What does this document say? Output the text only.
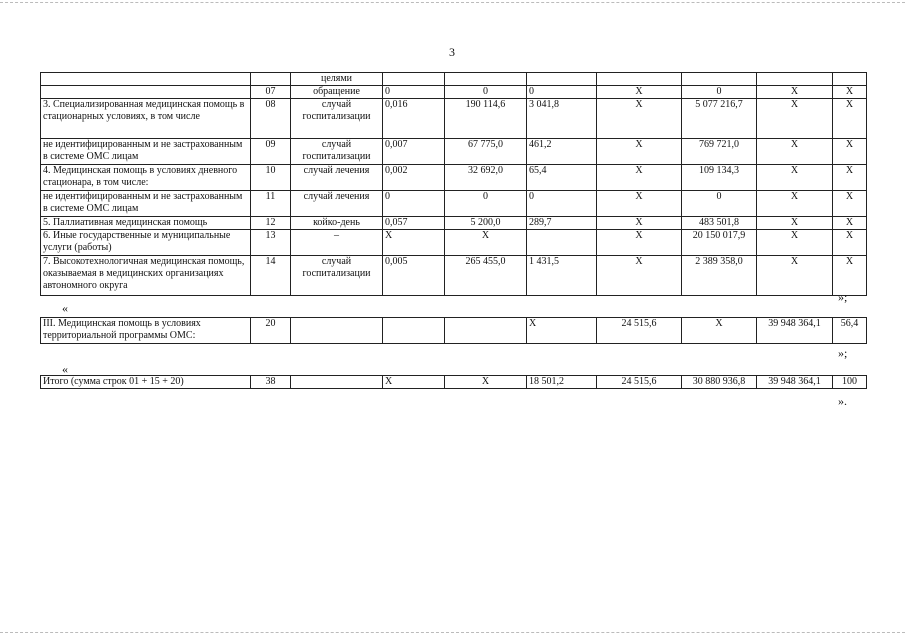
3
		целями							
	07	обращение	0	0	0	X	0	X	X
3. Специализированная медицинская помощь в стационарных условиях, в том числе	08	случай госпитализации	0,016	190 114,6	3 041,8	X	5 077 216,7	X	X
не идентифицированным и не застрахованным в системе ОМС лицам	09	случай госпитализации	0,007	67 775,0	461,2	X	769 721,0	X	X
4. Медицинская помощь в условиях дневного стационара, в том числе:	10	случай лечения	0,002	32 692,0	65,4	X	109 134,3	X	X
не идентифицированным и не застрахованным в системе ОМС лицам	11	случай лечения	0	0	0	X	0	X	X
5. Паллиативная медицинская помощь	12	койко-день	0,057	5 200,0	289,7	X	483 501,8	X	X
6. Иные государственные и муниципальные услуги (работы)	13	–	X	X		X	20 150 017,9	X	X
7. Высокотехнологичная медицинская помощь, оказываемая в медицинских организациях автономного округа	14	случай госпитализации	0,005	265 455,0	1 431,5	X	2 389 358,0	X	X
»;
«
III. Медицинская помощь в условиях территориальной программы ОМС:	20				X	24 515,6	X	39 948 364,1	56,4
»;
«
Итого (сумма строк 01 + 15 + 20)	38		X	X	18 501,2	24 515,6	30 880 936,8	39 948 364,1	100
».
